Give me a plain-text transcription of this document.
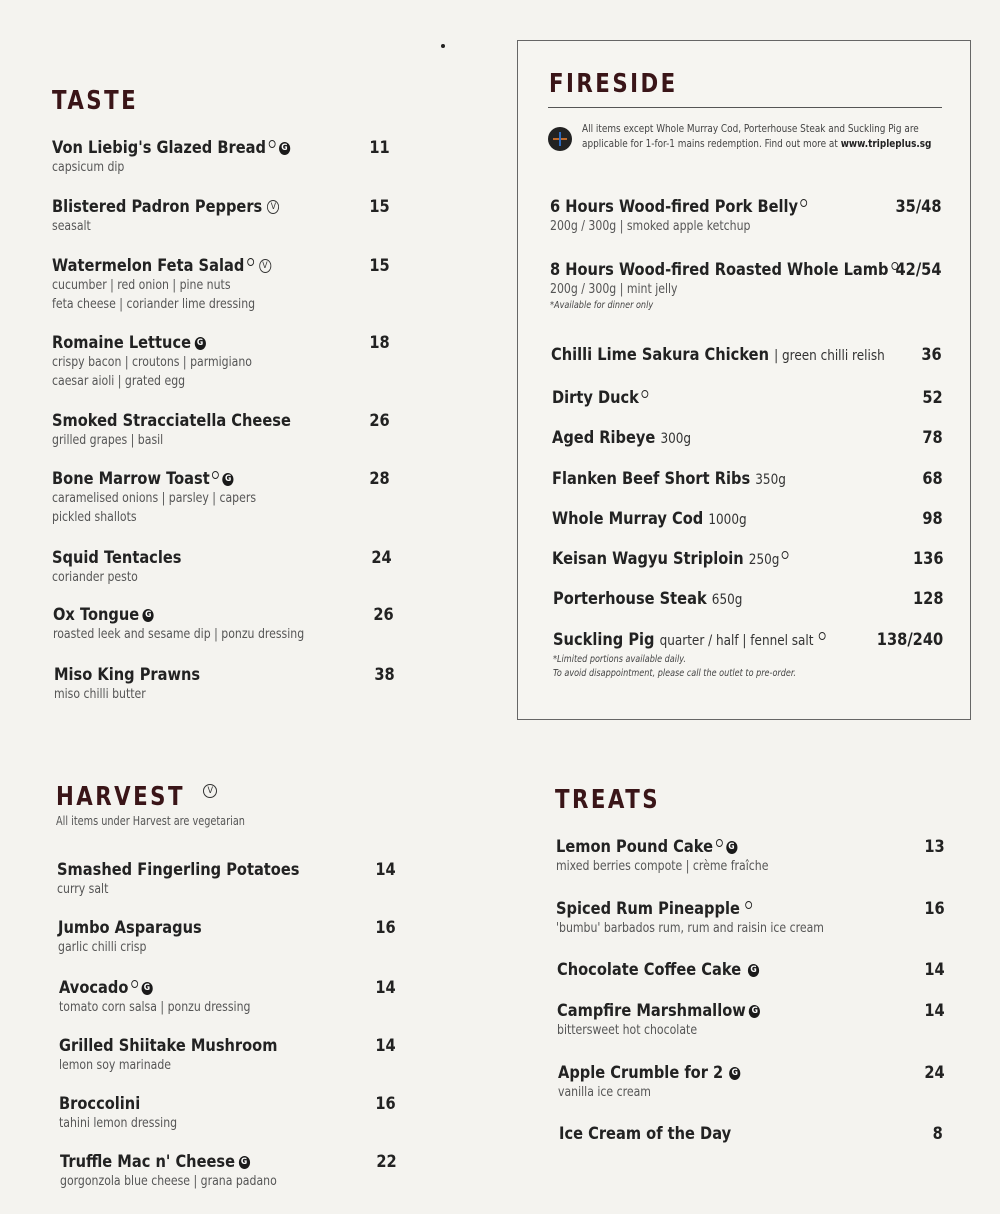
TASTE
Von Liebig's Glazed Bread G	11
capsicum dip
Blistered Padron Peppers V	15
seasalt
Watermelon Feta Salad V	15
cucumber | red onion | pine nuts
feta cheese | coriander lime dressing
Romaine Lettuce G	18
crispy bacon | croutons | parmigiano
caesar aioli | grated egg
Smoked Stracciatella Cheese	26
grilled grapes | basil
Bone Marrow Toast G	28
caramelised onions | parsley | capers
pickled shallots
Squid Tentacles	24
coriander pesto
Ox Tongue G	26
roasted leek and sesame dip | ponzu dressing
Miso King Prawns	38
miso chilli butter
FIRESIDE
All items except Whole Murray Cod, Porterhouse Steak and Suckling Pig are
applicable for 1-for-1 mains redemption. Find out more at www.tripleplus.sg
6 Hours Wood-fired Pork Belly	35/48
200g / 300g | smoked apple ketchup
8 Hours Wood-fired Roasted Whole Lamb 42/54
200g / 300g | mint jelly
*Available for dinner only
Chilli Lime Sakura Chicken | green chilli relish 36
Dirty Duck	52
Aged Ribeye 300g	78
Flanken Beef Short Ribs 350g	68
Whole Murray Cod 1000g	98
Keisan Wagyu Striploin 250g	136
Porterhouse Steak 650g	128
Suckling Pig quarter / half | fennel salt	138/240
*Limited portions available daily.
To avoid disappointment, please call the outlet to pre-order.
HARVEST	V
All items under Harvest are vegetarian
Smashed Fingerling Potatoes	14
curry salt
Jumbo Asparagus	16
garlic chilli crisp
Avocado G	14
tomato corn salsa | ponzu dressing
Grilled Shiitake Mushroom	14
lemon soy marinade
Broccolini	16
tahini lemon dressing
Truffle Mac n' Cheese G	22
gorgonzola blue cheese | grana padano
TREATS
Lemon Pound Cake G	13
mixed berries compote | crème fraîche
Spiced Rum Pineapple	16
'bumbu' barbados rum, rum and raisin ice cream
Chocolate Coffee Cake G	14
Campfire Marshmallow G	14
bittersweet hot chocolate
Apple Crumble for 2 G	24
vanilla ice cream
Ice Cream of the Day	8
